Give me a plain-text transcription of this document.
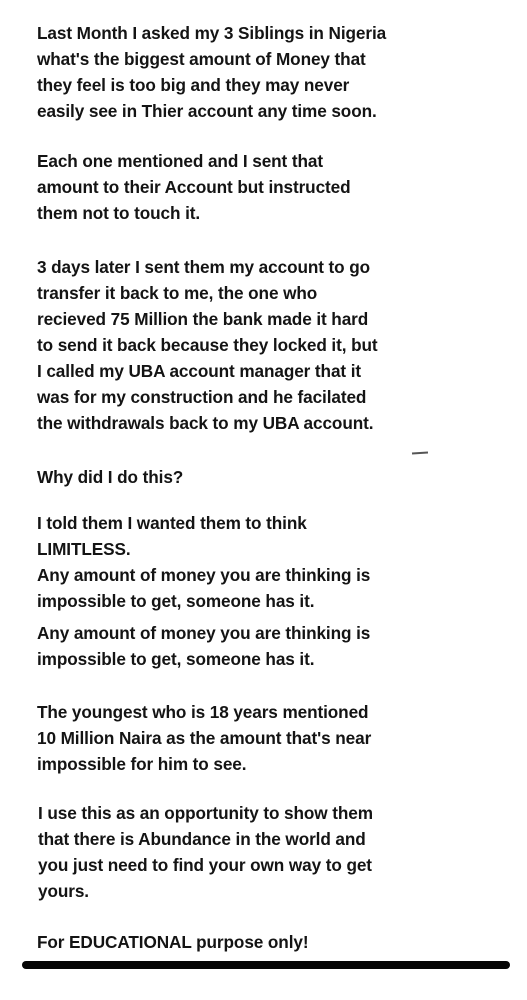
Last Month I asked my 3 Siblings in Nigeria
what's the biggest amount of Money that
they feel is too big and they may never
easily see in Thier account any time soon.

Each one mentioned and I sent that
amount to their Account but instructed
them not to touch it.

3 days later I sent them my account to go
transfer it back to me, the one who
recieved 75 Million the bank made it hard
to send it back because they locked it, but
I called my UBA account manager that it
was for my construction and he facilated
the withdrawals back to my UBA account.

Why did I do this?

I told them I wanted them to think
LIMITLESS.
Any amount of money you are thinking is
impossible to get, someone has it.

Any amount of money you are thinking is
impossible to get, someone has it.

The youngest who is 18 years mentioned
10 Million Naira as the amount that's near
impossible for him to see.

I use this as an opportunity to show them
that there is Abundance in the world and
you just need to find your own way to get
yours.

For EDUCATIONAL purpose only!
